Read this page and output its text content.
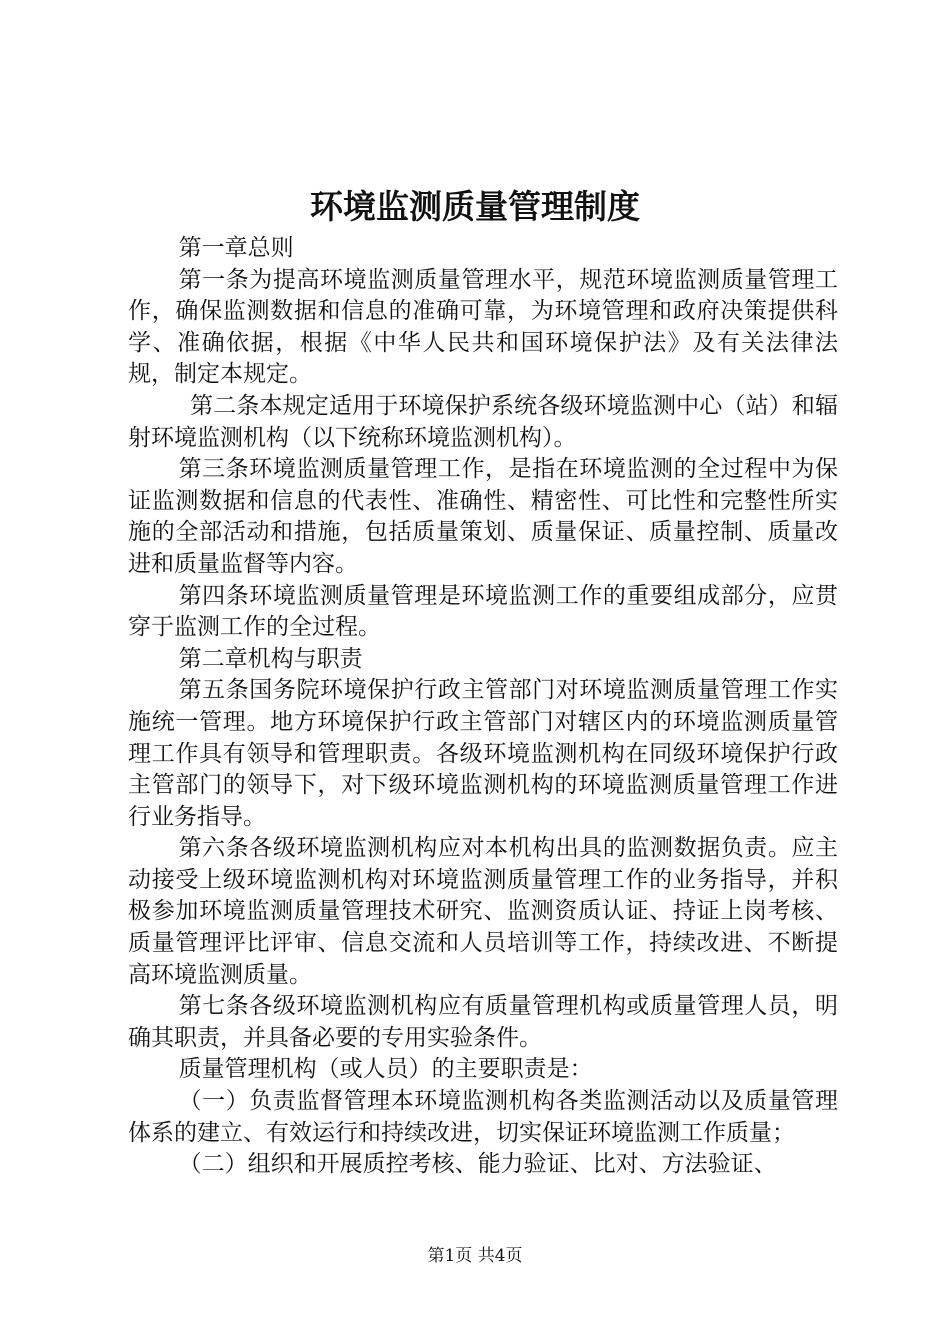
环境监测质量管理制度

第一章总则

第一条为提高环境监测质量管理水平，规范环境监测质量管理工作，确保监测数据和信息的准确可靠，为环境管理和政府决策提供科学、准确依据，根据《中华人民共和国环境保护法》及有关法律法规，制定本规定。

第二条本规定适用于环境保护系统各级环境监测中心（站）和辐射环境监测机构（以下统称环境监测机构）。

第三条环境监测质量管理工作，是指在环境监测的全过程中为保证监测数据和信息的代表性、准确性、精密性、可比性和完整性所实施的全部活动和措施，包括质量策划、质量保证、质量控制、质量改进和质量监督等内容。

第四条环境监测质量管理是环境监测工作的重要组成部分，应贯穿于监测工作的全过程。

第二章机构与职责

第五条国务院环境保护行政主管部门对环境监测质量管理工作实施统一管理。地方环境保护行政主管部门对辖区内的环境监测质量管理工作具有领导和管理职责。各级环境监测机构在同级环境保护行政主管部门的领导下，对下级环境监测机构的环境监测质量管理工作进行业务指导。

第六条各级环境监测机构应对本机构出具的监测数据负责。应主动接受上级环境监测机构对环境监测质量管理工作的业务指导，并积极参加环境监测质量管理技术研究、监测资质认证、持证上岗考核、质量管理评比评审、信息交流和人员培训等工作，持续改进、不断提高环境监测质量。

第七条各级环境监测机构应有质量管理机构或质量管理人员，明确其职责，并具备必要的专用实验条件。

质量管理机构（或人员）的主要职责是：

（一）负责监督管理本环境监测机构各类监测活动以及质量管理体系的建立、有效运行和持续改进，切实保证环境监测工作质量；

（二）组织和开展质控考核、能力验证、比对、方法验证、

第1页 共4页
